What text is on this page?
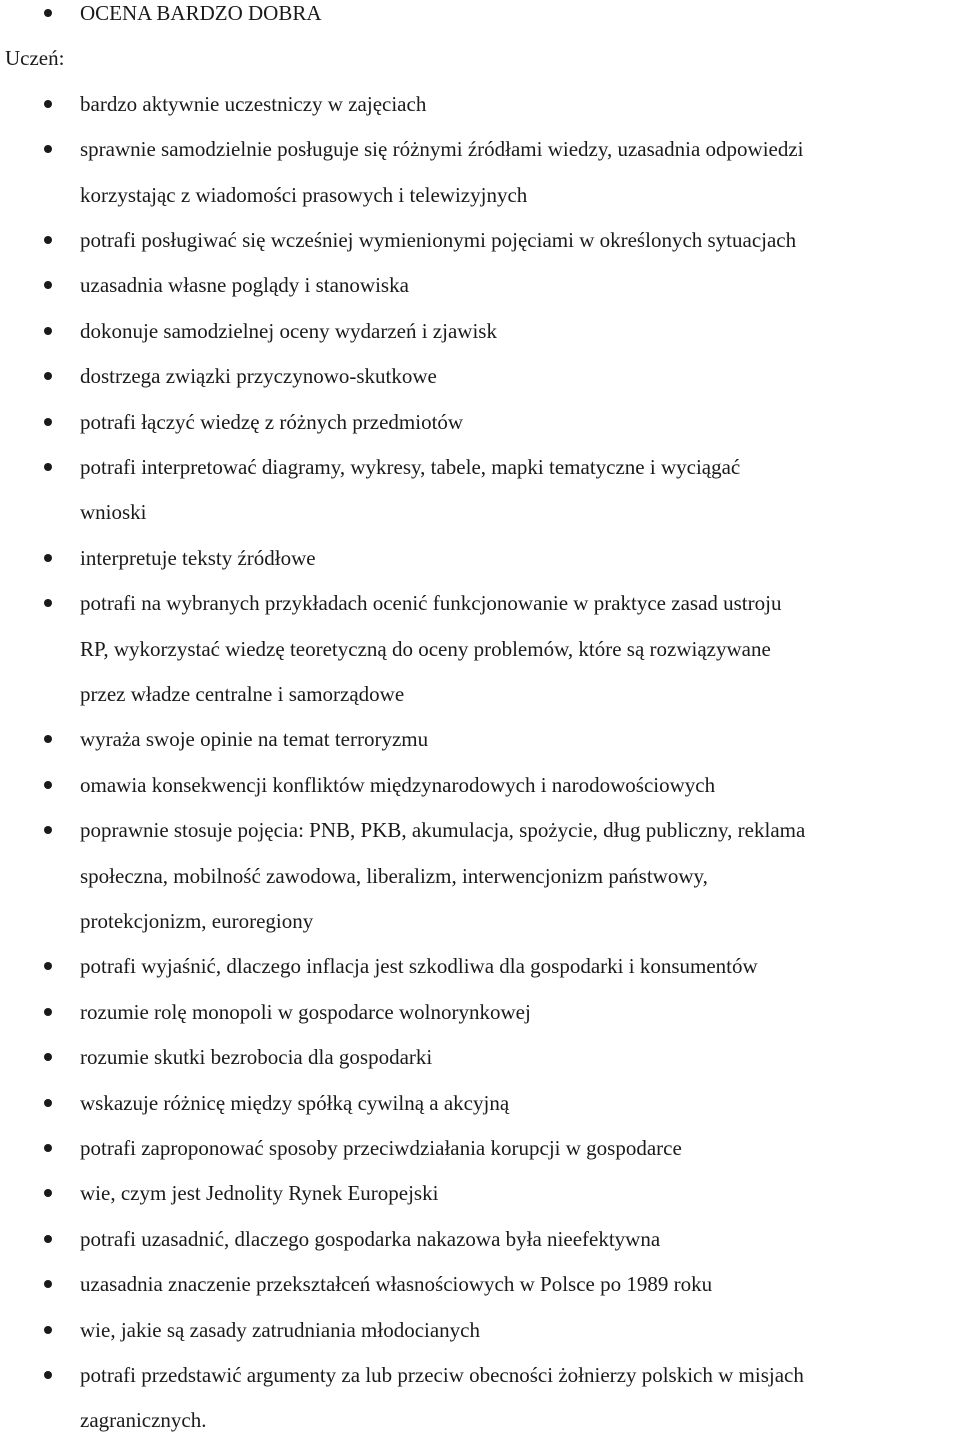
OCENA BARDZO DOBRA
Uczeń:
bardzo aktywnie uczestniczy w zajęciach
sprawnie samodzielnie posługuje się różnymi źródłami wiedzy, uzasadnia odpowiedzi
korzystając z wiadomości prasowych i telewizyjnych
potrafi posługiwać się wcześniej wymienionymi pojęciami w określonych sytuacjach
uzasadnia własne poglądy i stanowiska
dokonuje samodzielnej oceny wydarzeń i zjawisk
dostrzega związki przyczynowo-skutkowe
potrafi łączyć wiedzę z różnych przedmiotów
potrafi interpretować diagramy, wykresy, tabele, mapki tematyczne i wyciągać
wnioski
interpretuje teksty źródłowe
potrafi na wybranych przykładach ocenić funkcjonowanie w praktyce zasad ustroju
RP, wykorzystać wiedzę teoretyczną do oceny problemów, które są rozwiązywane
przez władze centralne i samorządowe
wyraża swoje opinie na temat terroryzmu
omawia konsekwencji konfliktów międzynarodowych i narodowościowych
poprawnie stosuje pojęcia: PNB, PKB, akumulacja, spożycie, dług publiczny, reklama
społeczna, mobilność zawodowa, liberalizm, interwencjonizm państwowy,
protekcjonizm, euroregiony
potrafi wyjaśnić, dlaczego inflacja jest szkodliwa dla gospodarki i konsumentów
rozumie rolę monopoli w gospodarce wolnorynkowej
rozumie skutki bezrobocia dla gospodarki
wskazuje różnicę między spółką cywilną a akcyjną
potrafi zaproponować sposoby przeciwdziałania korupcji w gospodarce
wie, czym jest Jednolity Rynek Europejski
potrafi uzasadnić, dlaczego gospodarka nakazowa była nieefektywna
uzasadnia znaczenie przekształceń własnościowych w Polsce po 1989 roku
wie, jakie są zasady zatrudniania młodocianych
potrafi przedstawić argumenty za lub przeciw obecności żołnierzy polskich w misjach
zagranicznych.
